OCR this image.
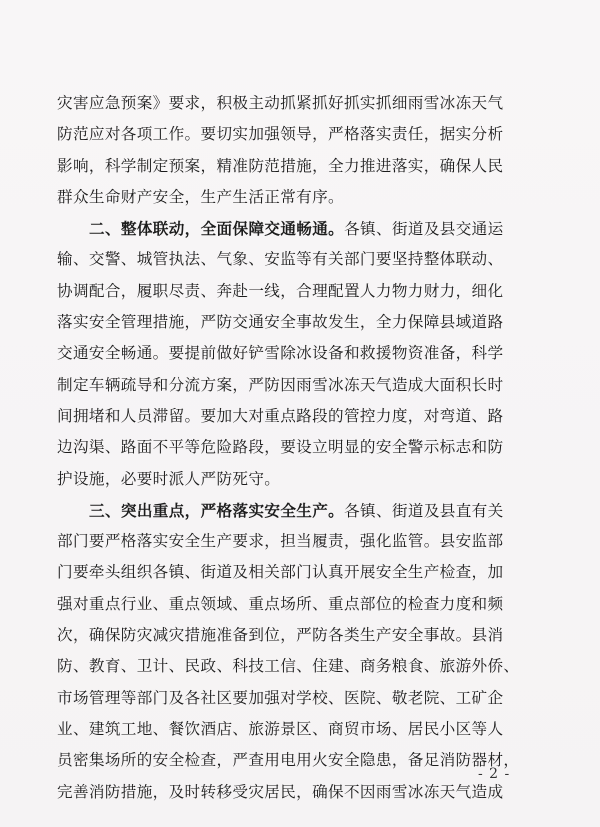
灾害应急预案》要求，积极主动抓紧抓好抓实抓细雨雪冰冻天气
防范应对各项工作。要切实加强领导，严格落实责任，据实分析
影响，科学制定预案，精准防范措施，全力推进落实，确保人民
群众生命财产安全，生产生活正常有序。
二、整体联动，全面保障交通畅通。各镇、街道及县交通运
输、交警、城管执法、气象、安监等有关部门要坚持整体联动、
协调配合，履职尽责、奔赴一线，合理配置人力物力财力，细化
落实安全管理措施，严防交通安全事故发生，全力保障县域道路
交通安全畅通。要提前做好铲雪除冰设备和救援物资准备，科学
制定车辆疏导和分流方案，严防因雨雪冰冻天气造成大面积长时
间拥堵和人员滞留。要加大对重点路段的管控力度，对弯道、路
边沟渠、路面不平等危险路段，要设立明显的安全警示标志和防
护设施，必要时派人严防死守。
三、突出重点，严格落实安全生产。各镇、街道及县直有关
部门要严格落实安全生产要求，担当履责，强化监管。县安监部
门要牵头组织各镇、街道及相关部门认真开展安全生产检查，加
强对重点行业、重点领域、重点场所、重点部位的检查力度和频
次，确保防灾减灾措施准备到位，严防各类生产安全事故。县消
防、教育、卫计、民政、科技工信、住建、商务粮食、旅游外侨、
市场管理等部门及各社区要加强对学校、医院、敬老院、工矿企
业、建筑工地、餐饮酒店、旅游景区、商贸市场、居民小区等人
员密集场所的安全检查，严查用电用火安全隐患，备足消防器材，
完善消防措施，及时转移受灾居民，确保不因雨雪冰冻天气造成
- 2 -
